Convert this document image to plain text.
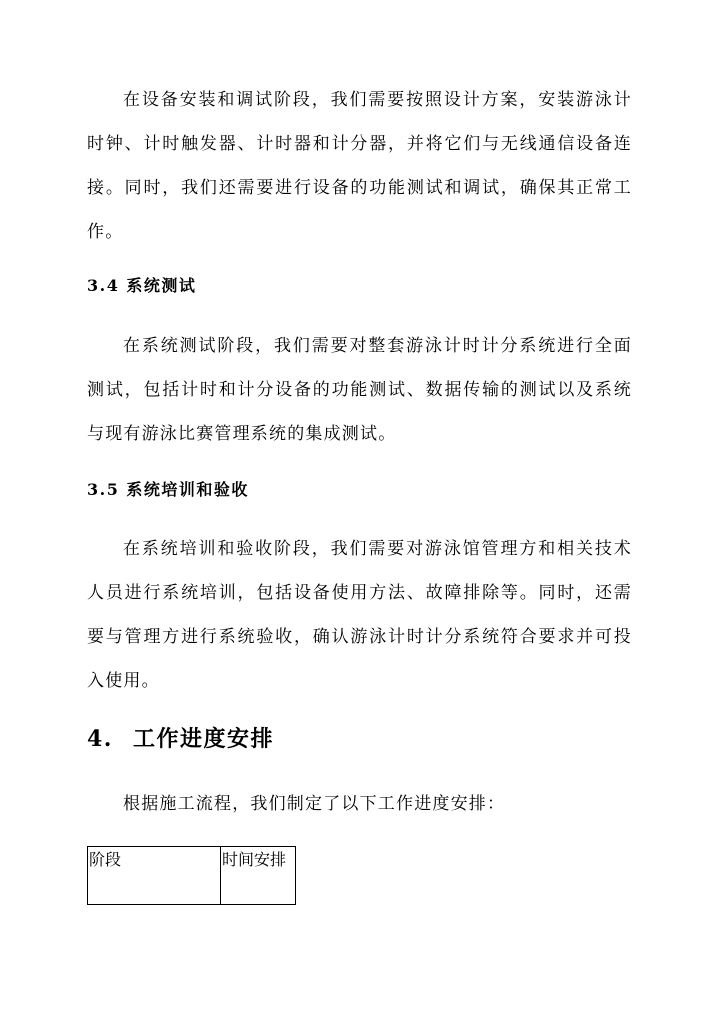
在设备安装和调试阶段，我们需要按照设计方案，安装游泳计时钟、计时触发器、计时器和计分器，并将它们与无线通信设备连接。同时，我们还需要进行设备的功能测试和调试，确保其正常工作。

3.4 系统测试

在系统测试阶段，我们需要对整套游泳计时计分系统进行全面测试，包括计时和计分设备的功能测试、数据传输的测试以及系统与现有游泳比赛管理系统的集成测试。

3.5 系统培训和验收

在系统培训和验收阶段，我们需要对游泳馆管理方和相关技术人员进行系统培训，包括设备使用方法、故障排除等。同时，还需要与管理方进行系统验收，确认游泳计时计分系统符合要求并可投入使用。

4. 工作进度安排

根据施工流程，我们制定了以下工作进度安排：

阶段	时间安排
